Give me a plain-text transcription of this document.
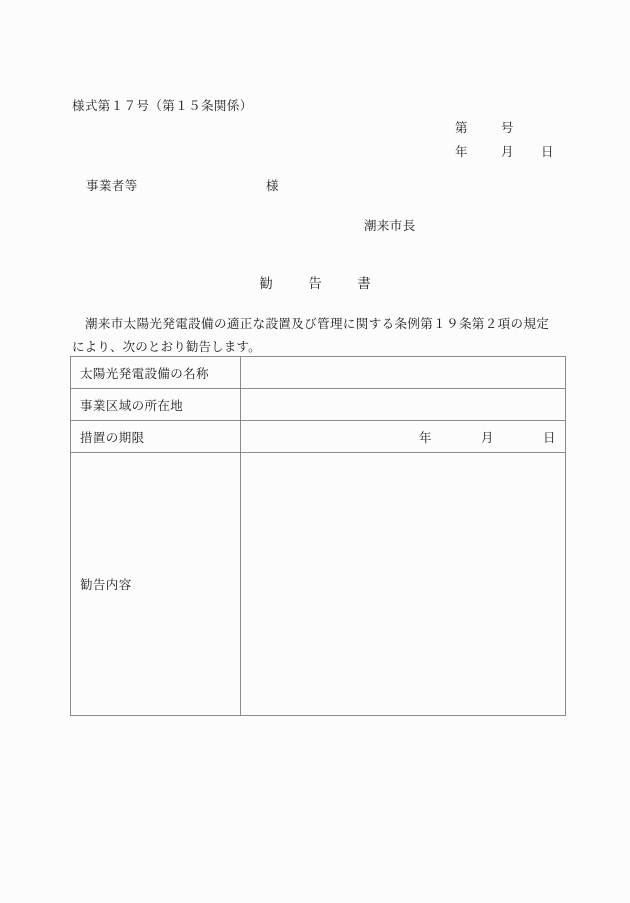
様式第１７号（第１５条関係）
第	号
年	月	日
事業者等	様
潮来市長
勧　告　書
潮来市太陽光発電設備の適正な設置及び管理に関する条例第１９条第２項の規定により、次のとおり勧告します。
太陽光発電設備の名称	
事業区域の所在地	
措置の期限	年 月 日

勧告内容	
